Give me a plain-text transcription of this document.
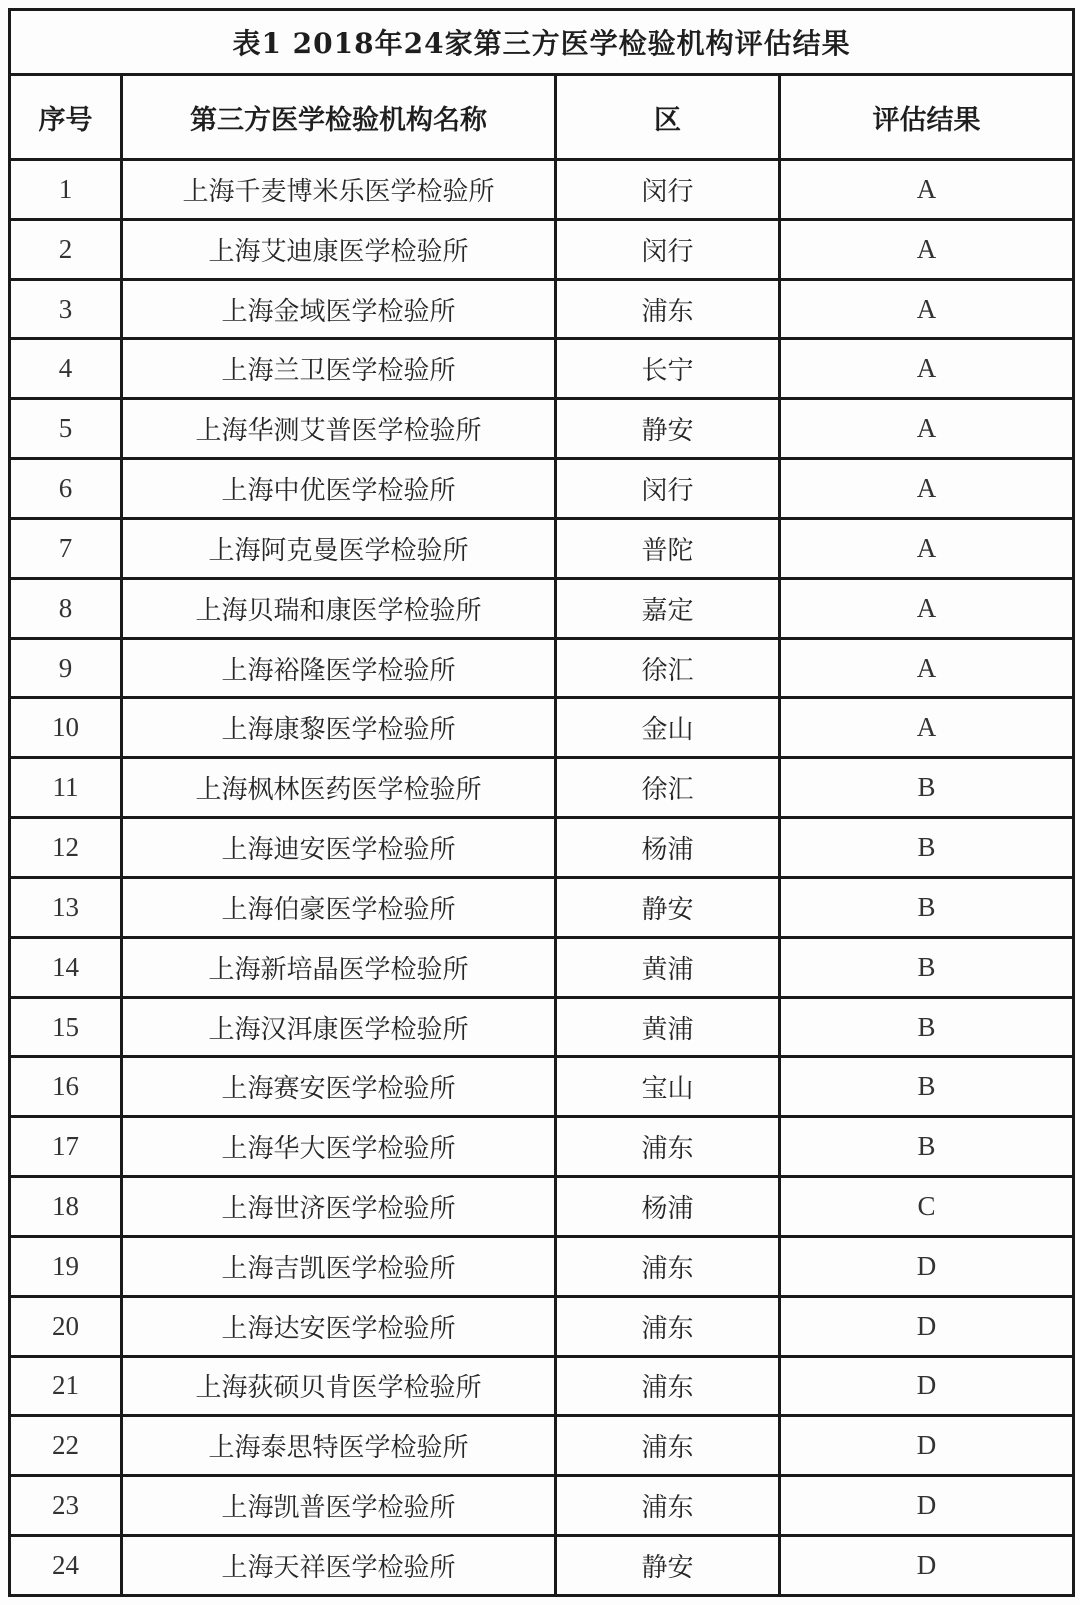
表1 2018年24家第三方医学检验机构评估结果			
序号	第三方医学检验机构名称	区	评估结果
1	上海千麦博米乐医学检验所	闵行	A
2	上海艾迪康医学检验所	闵行	A
3	上海金域医学检验所	浦东	A
4	上海兰卫医学检验所	长宁	A
5	上海华测艾普医学检验所	静安	A
6	上海中优医学检验所	闵行	A
7	上海阿克曼医学检验所	普陀	A
8	上海贝瑞和康医学检验所	嘉定	A
9	上海裕隆医学检验所	徐汇	A
10	上海康黎医学检验所	金山	A
11	上海枫林医药医学检验所	徐汇	B
12	上海迪安医学检验所	杨浦	B
13	上海伯豪医学检验所	静安	B
14	上海新培晶医学检验所	黄浦	B
15	上海汉洱康医学检验所	黄浦	B
16	上海赛安医学检验所	宝山	B
17	上海华大医学检验所	浦东	B
18	上海世济医学检验所	杨浦	C
19	上海吉凯医学检验所	浦东	D
20	上海达安医学检验所	浦东	D
21	上海荻硕贝肯医学检验所	浦东	D
22	上海泰思特医学检验所	浦东	D
23	上海凯普医学检验所	浦东	D
24	上海天祥医学检验所	静安	D
